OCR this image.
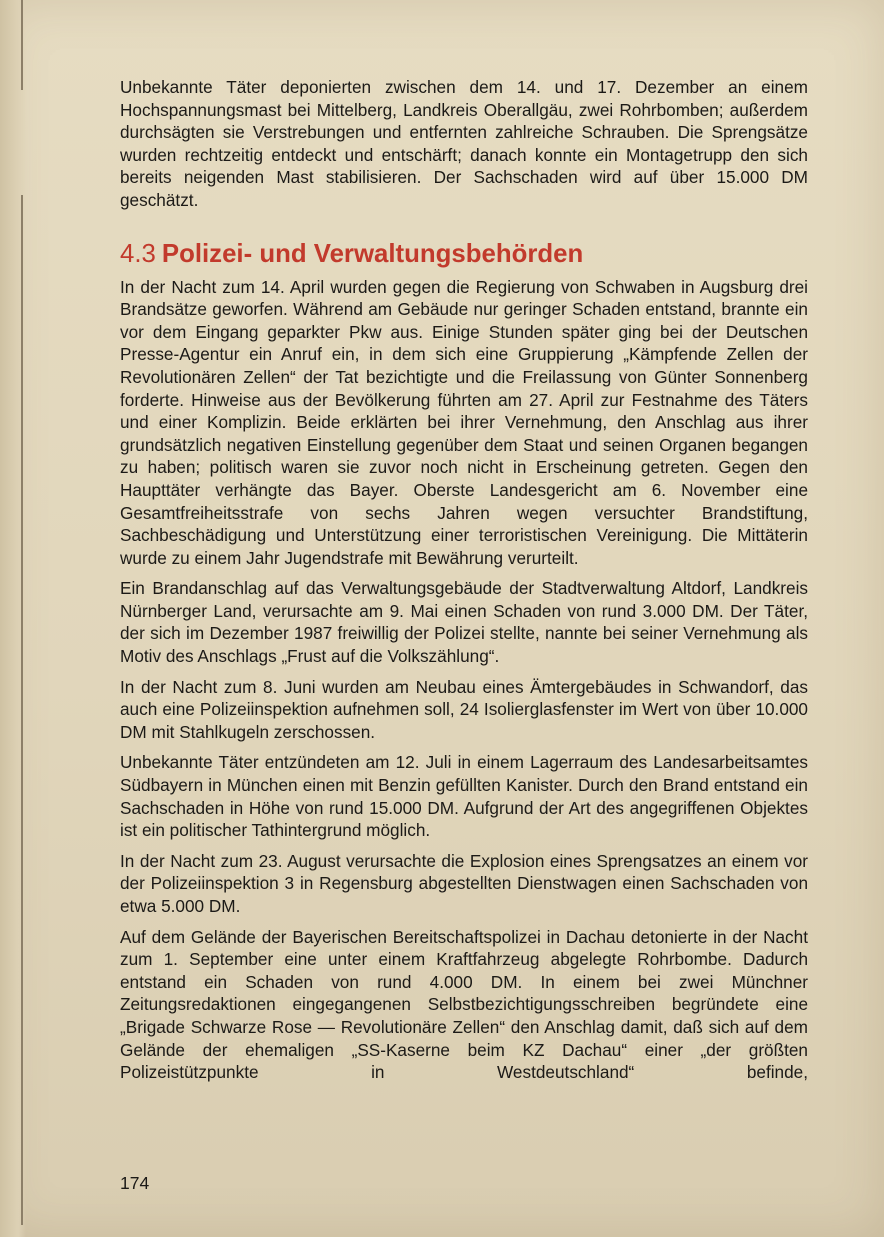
Unbekannte Täter deponierten zwischen dem 14. und 17. Dezember an einem Hochspannungsmast bei Mittelberg, Landkreis Oberallgäu, zwei Rohrbomben; außerdem durchsägten sie Verstrebungen und entfernten zahlreiche Schrauben. Die Sprengsätze wurden rechtzeitig entdeckt und entschärft; danach konnte ein Montagetrupp den sich bereits neigenden Mast stabilisieren. Der Sachschaden wird auf über 15.000 DM geschätzt.

4.3 Polizei- und Verwaltungsbehörden

In der Nacht zum 14. April wurden gegen die Regierung von Schwaben in Augsburg drei Brandsätze geworfen. Während am Gebäude nur geringer Schaden entstand, brannte ein vor dem Eingang geparkter Pkw aus. Einige Stunden später ging bei der Deutschen Presse-Agentur ein Anruf ein, in dem sich eine Gruppierung „Kämpfende Zellen der Revolutionären Zellen“ der Tat bezichtigte und die Freilassung von Günter Sonnenberg forderte. Hinweise aus der Bevölkerung führten am 27. April zur Festnahme des Täters und einer Komplizin. Beide erklärten bei ihrer Vernehmung, den Anschlag aus ihrer grundsätzlich negativen Einstellung gegenüber dem Staat und seinen Organen begangen zu haben; politisch waren sie zuvor noch nicht in Erscheinung getreten. Gegen den Haupttäter verhängte das Bayer. Oberste Landesgericht am 6. November eine Gesamtfreiheitsstrafe von sechs Jahren wegen versuchter Brandstiftung, Sachbeschädigung und Unterstützung einer terroristischen Vereinigung. Die Mittäterin wurde zu einem Jahr Jugendstrafe mit Bewährung verurteilt.

Ein Brandanschlag auf das Verwaltungsgebäude der Stadtverwaltung Altdorf, Landkreis Nürnberger Land, verursachte am 9. Mai einen Schaden von rund 3.000 DM. Der Täter, der sich im Dezember 1987 freiwillig der Polizei stellte, nannte bei seiner Vernehmung als Motiv des Anschlags „Frust auf die Volkszählung“.

In der Nacht zum 8. Juni wurden am Neubau eines Ämtergebäudes in Schwandorf, das auch eine Polizeiinspektion aufnehmen soll, 24 Isolierglasfenster im Wert von über 10.000 DM mit Stahlkugeln zerschossen.

Unbekannte Täter entzündeten am 12. Juli in einem Lagerraum des Landesarbeitsamtes Südbayern in München einen mit Benzin gefüllten Kanister. Durch den Brand entstand ein Sachschaden in Höhe von rund 15.000 DM. Aufgrund der Art des angegriffenen Objektes ist ein politischer Tathintergrund möglich.

In der Nacht zum 23. August verursachte die Explosion eines Sprengsatzes an einem vor der Polizeiinspektion 3 in Regensburg abgestellten Dienstwagen einen Sachschaden von etwa 5.000 DM.

Auf dem Gelände der Bayerischen Bereitschaftspolizei in Dachau detonierte in der Nacht zum 1. September eine unter einem Kraftfahrzeug abgelegte Rohrbombe. Dadurch entstand ein Schaden von rund 4.000 DM. In einem bei zwei Münchner Zeitungsredaktionen eingegangenen Selbstbezichtigungsschreiben begründete eine „Brigade Schwarze Rose — Revolutionäre Zellen“ den Anschlag damit, daß sich auf dem Gelände der ehemaligen „SS-Kaserne beim KZ Dachau“ einer „der größten Polizeistützpunkte in Westdeutschland“ befinde,

174
